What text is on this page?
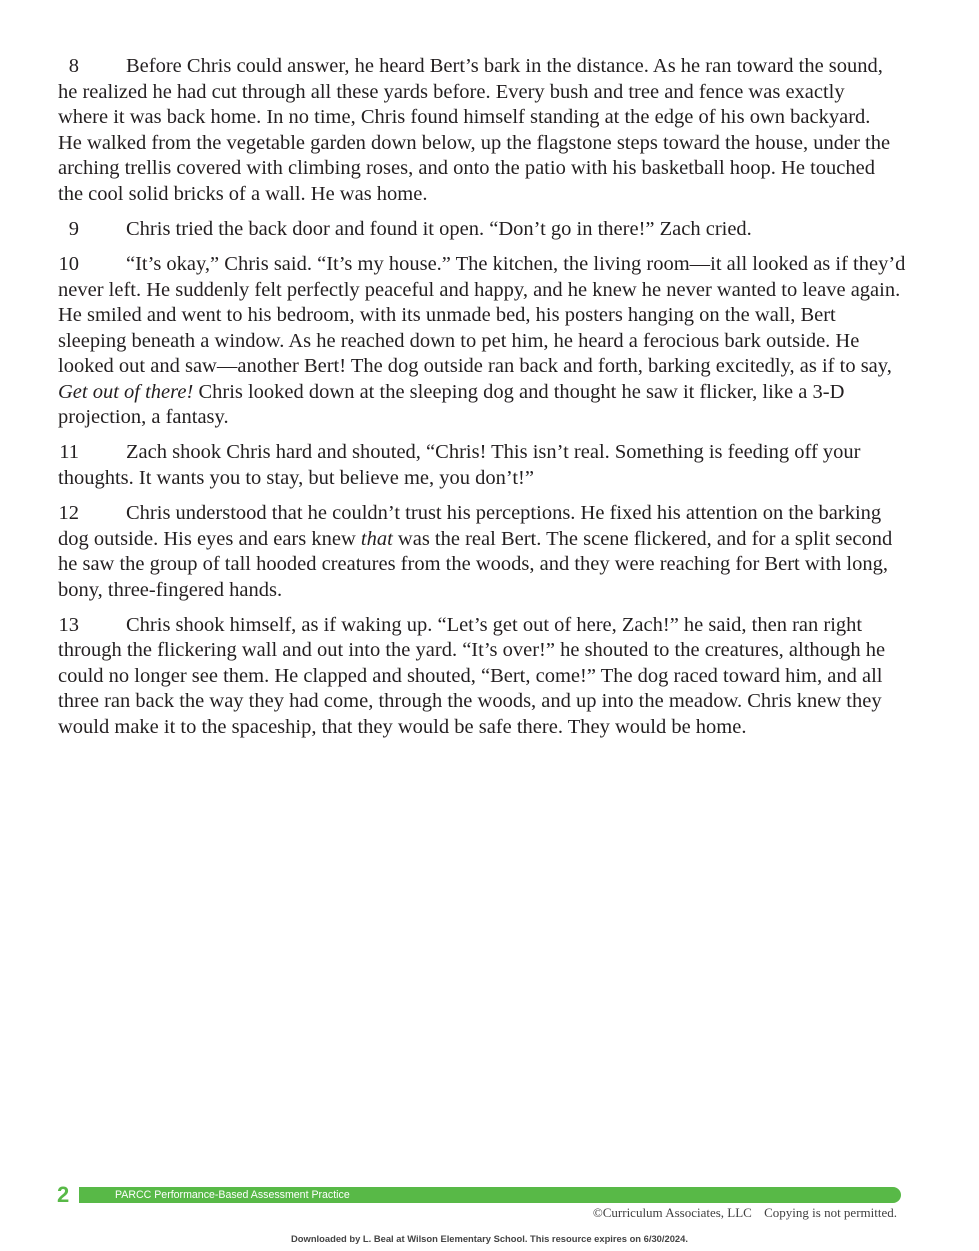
8 Before Chris could answer, he heard Bert’s bark in the distance. As he ran toward the sound,
he realized he had cut through all these yards before. Every bush and tree and fence was exactly
where it was back home. In no time, Chris found himself standing at the edge of his own backyard.
He walked from the vegetable garden down below, up the flagstone steps toward the house, under the
arching trellis covered with climbing roses, and onto the patio with his basketball hoop. He touched
the cool solid bricks of a wall. He was home.
9 Chris tried the back door and found it open. “Don’t go in there!” Zach cried.
10 “It’s okay,” Chris said. “It’s my house.” The kitchen, the living room—it all looked as if they’d
never left. He suddenly felt perfectly peaceful and happy, and he knew he never wanted to leave again.
He smiled and went to his bedroom, with its unmade bed, his posters hanging on the wall, Bert
sleeping beneath a window. As he reached down to pet him, he heard a ferocious bark outside. He
looked out and saw—another Bert! The dog outside ran back and forth, barking excitedly, as if to say,
Get out of there! Chris looked down at the sleeping dog and thought he saw it flicker, like a 3-D
projection, a fantasy.
11 Zach shook Chris hard and shouted, “Chris! This isn’t real. Something is feeding off your
thoughts. It wants you to stay, but believe me, you don’t!”
12 Chris understood that he couldn’t trust his perceptions. He fixed his attention on the barking
dog outside. His eyes and ears knew that was the real Bert. The scene flickered, and for a split second
he saw the group of tall hooded creatures from the woods, and they were reaching for Bert with long,
bony, three-fingered hands.
13 Chris shook himself, as if waking up. “Let’s get out of here, Zach!” he said, then ran right
through the flickering wall and out into the yard. “It’s over!” he shouted to the creatures, although he
could no longer see them. He clapped and shouted, “Bert, come!” The dog raced toward him, and all
three ran back the way they had come, through the woods, and up into the meadow. Chris knew they
would make it to the spaceship, that they would be safe there. They would be home.
2	PARCC Performance-Based Assessment Practice
©Curriculum Associates, LLC Copying is not permitted.
Downloaded by L. Beal at Wilson Elementary School. This resource expires on 6/30/2024.
